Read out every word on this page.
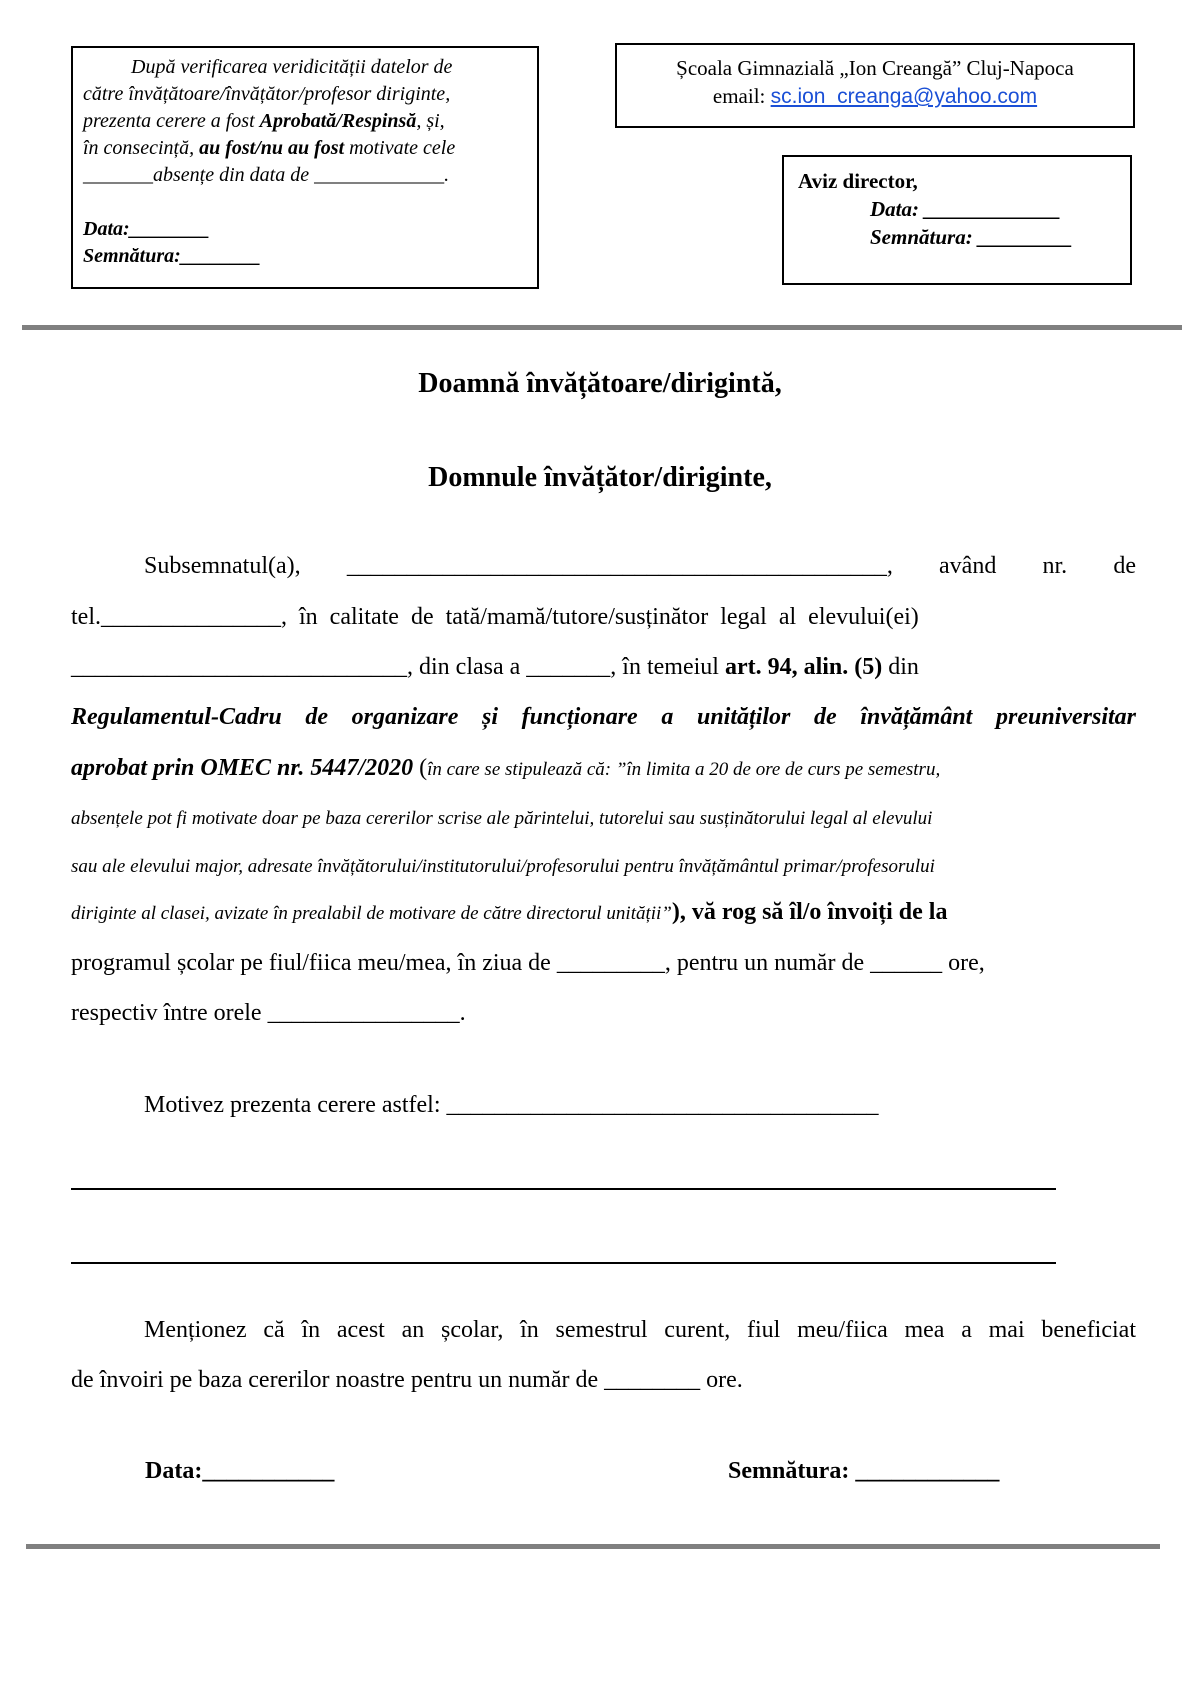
După verificarea veridicității datelor de
către învățătoare/învățător/profesor diriginte,
prezenta cerere a fost Aprobată/Respinsă, și,
în consecință, au fost/nu au fost motivate cele
_______absențe din data de _____________.
Data:________
Semnătura:________
Școala Gimnazială „Ion Creangă” Cluj-Napoca
email: sc.ion_creanga@yahoo.com
Aviz director,
Data: _____________
Semnătura: _________
Doamnă învățătoare/dirigintă,
Domnule învățător/diriginte,
Subsemnatul(a), _____________________________________________, având nr. de
tel._______________,  în  calitate  de  tată/mamă/tutore/susținător  legal  al  elevului(ei)
____________________________, din clasa a _______, în temeiul art. 94, alin. (5) din
Regulamentul-Cadru de organizare și funcționare a unităților de învățământ preuniversitar
aprobat prin OMEC nr. 5447/2020 (în care se stipulează că: ”în limita a 20 de ore de curs pe semestru,
absențele pot fi motivate doar pe baza cererilor scrise ale părintelui, tutorelui sau susținătorului legal al elevului
sau ale elevului major, adresate învățătorului/institutorului/profesorului pentru învățământul primar/profesorului
diriginte al clasei, avizate în prealabil de motivare de către directorul unității”), vă rog să îl/o învoiți de la
programul școlar pe fiul/fiica meu/mea, în ziua de _________, pentru un număr de ______ ore,
respectiv între orele ________________.
Motivez prezenta cerere astfel: ____________________________________
Menționez că în acest an școlar, în semestrul curent, fiul meu/fiica mea a mai beneficiat
de învoiri pe baza cererilor noastre pentru un număr de ________ ore.
Data:___________	Semnătura: ____________
